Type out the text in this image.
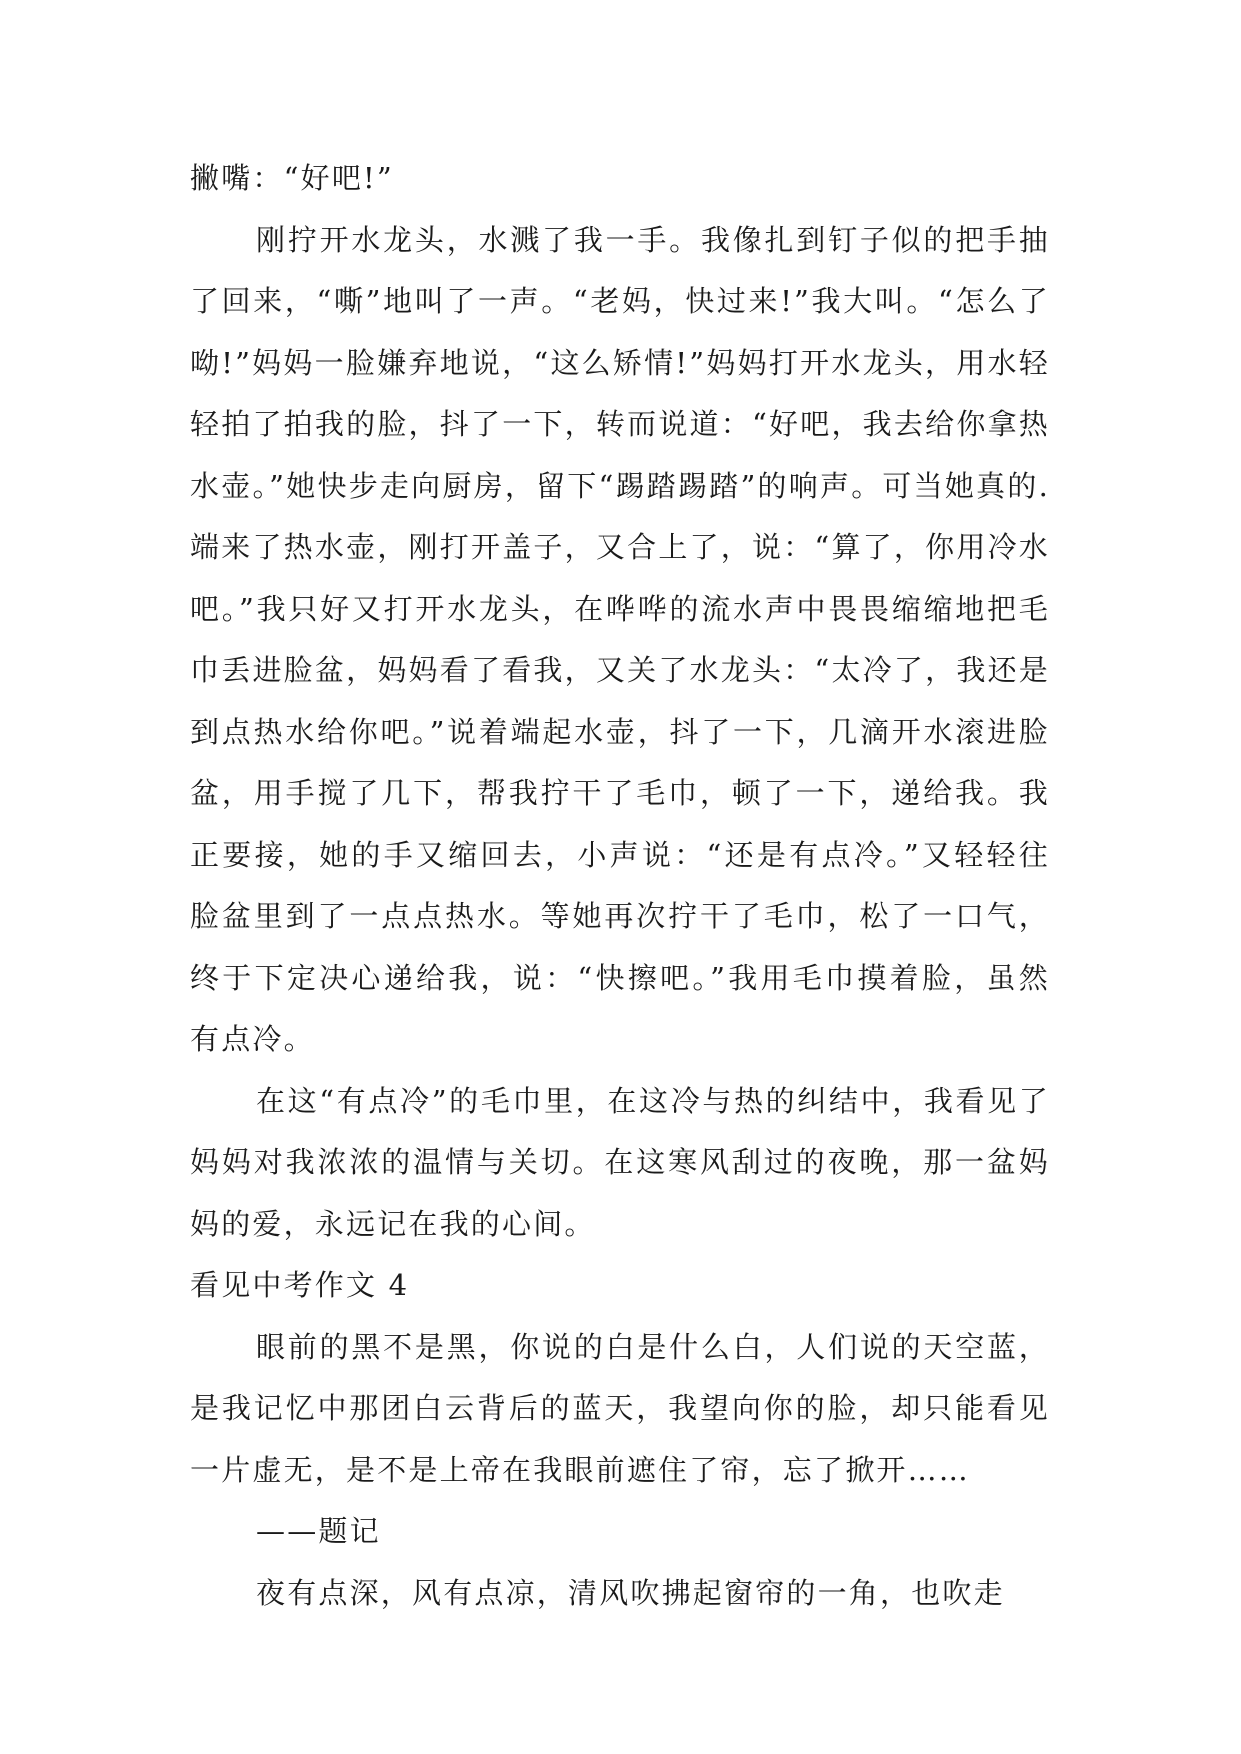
撇嘴：“好吧!”

刚拧开水龙头，水溅了我一手。我像扎到钉子似的把手抽了回来，“嘶”地叫了一声。“老妈，快过来!”我大叫。“怎么了呦!”妈妈一脸嫌弃地说，“这么矫情!”妈妈打开水龙头，用水轻轻拍了拍我的脸，抖了一下，转而说道：“好吧，我去给你拿热水壶。”她快步走向厨房，留下“踢踏踢踏”的响声。可当她真的.端来了热水壶，刚打开盖子，又合上了，说：“算了，你用冷水吧。”我只好又打开水龙头，在哗哗的流水声中畏畏缩缩地把毛巾丢进脸盆，妈妈看了看我，又关了水龙头：“太冷了，我还是到点热水给你吧。”说着端起水壶，抖了一下，几滴开水滚进脸盆，用手搅了几下，帮我拧干了毛巾，顿了一下，递给我。我正要接，她的手又缩回去，小声说：“还是有点冷。”又轻轻往脸盆里到了一点点热水。等她再次拧干了毛巾，松了一口气，终于下定决心递给我，说：“快擦吧。”我用毛巾摸着脸，虽然有点冷。

在这“有点冷”的毛巾里，在这冷与热的纠结中，我看见了妈妈对我浓浓的温情与关切。在这寒风刮过的夜晚，那一盆妈妈的爱，永远记在我的心间。

看见中考作文 4

眼前的黑不是黑，你说的白是什么白，人们说的天空蓝，是我记忆中那团白云背后的蓝天，我望向你的脸，却只能看见一片虚无，是不是上帝在我眼前遮住了帘，忘了掀开……

——题记

夜有点深，风有点凉，清风吹拂起窗帘的一角，也吹走
